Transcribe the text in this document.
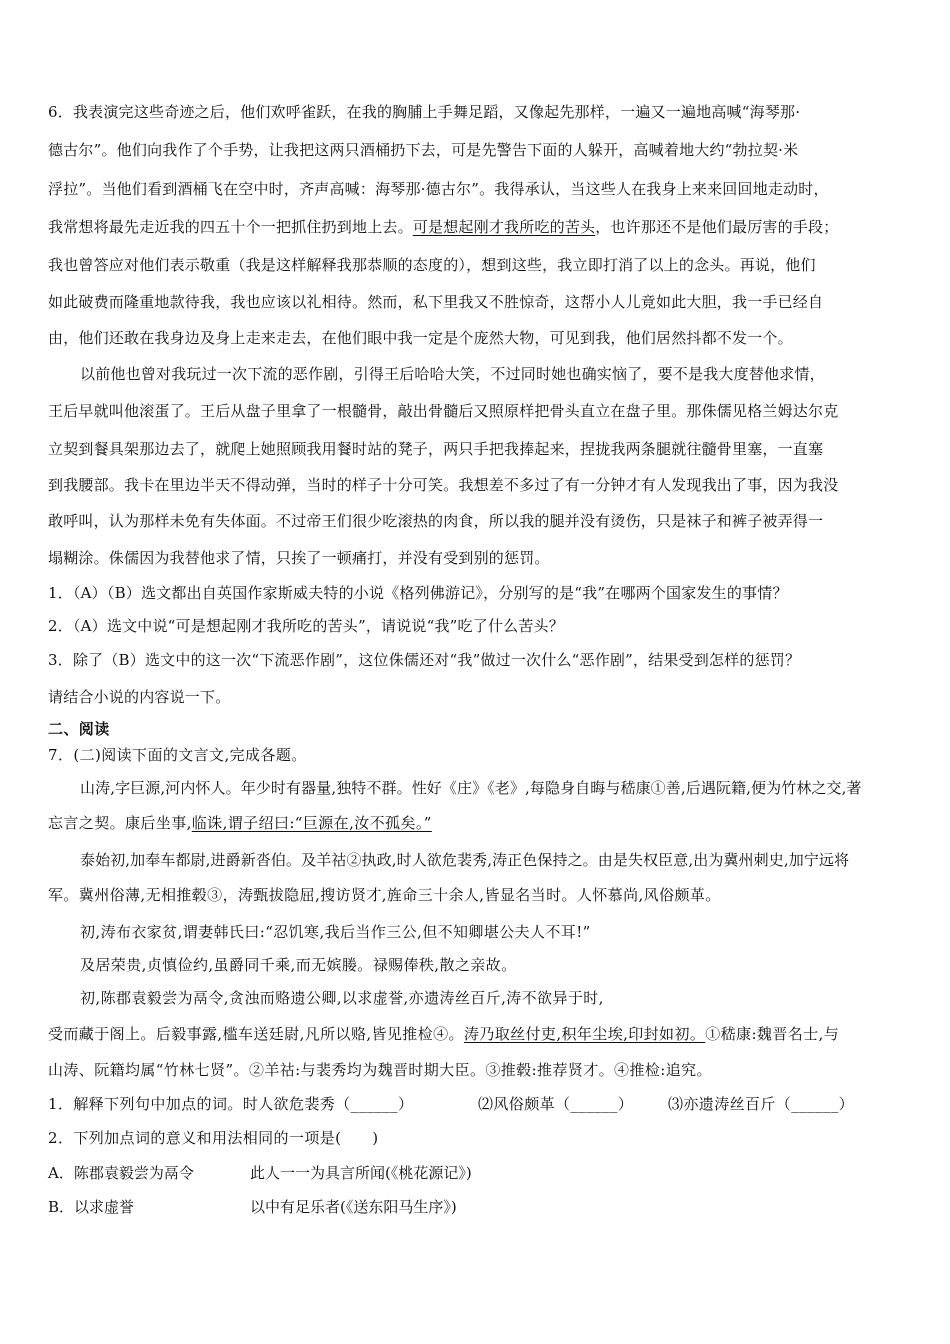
6．我表演完这些奇迹之后，他们欢呼雀跃，在我的胸脯上手舞足蹈，又像起先那样，一遍又一遍地高喊“海琴那·
德古尔”。他们向我作了个手势，让我把这两只酒桶扔下去，可是先警告下面的人躲开，高喊着地大约“勃拉契·米
浮拉”。当他们看到酒桶飞在空中时，齐声高喊：海琴那·德古尔”。我得承认，当这些人在我身上来来回回地走动时，
我常想将最先走近我的四五十个一把抓住扔到地上去。可是想起刚才我所吃的苦头，也许那还不是他们最厉害的手段；
我也曾答应对他们表示敬重（我是这样解释我那恭顺的态度的），想到这些，我立即打消了以上的念头。再说，他们
如此破费而隆重地款待我，我也应该以礼相待。然而，私下里我又不胜惊奇，这帮小人儿竟如此大胆，我一手已经自
由，他们还敢在我身边及身上走来走去，在他们眼中我一定是个庞然大物，可见到我，他们居然抖都不发一个。
以前他也曾对我玩过一次下流的恶作剧，引得王后哈哈大笑，不过同时她也确实恼了，要不是我大度替他求情，
王后早就叫他滚蛋了。王后从盘子里拿了一根髓骨，敲出骨髓后又照原样把骨头直立在盘子里。那侏儒见格兰姆达尔克
立契到餐具架那边去了，就爬上她照顾我用餐时站的凳子，两只手把我捧起来，捏拢我两条腿就往髓骨里塞，一直塞
到我腰部。我卡在里边半天不得动弹，当时的样子十分可笑。我想差不多过了有一分钟才有人发现我出了事，因为我没
敢呼叫，认为那样未免有失体面。不过帝王们很少吃滚热的肉食，所以我的腿并没有烫伤，只是袜子和裤子被弄得一
塌糊涂。侏儒因为我替他求了情，只挨了一顿痛打，并没有受到别的惩罚。
1．（A）（B）选文都出自英国作家斯威夫特的小说《格列佛游记》，分别写的是“我”在哪两个国家发生的事情？
2．（A）选文中说“可是想起刚才我所吃的苦头”，请说说“我”吃了什么苦头？
3．除了（B）选文中的这一次“下流恶作剧”，这位侏儒还对“我”做过一次什么“恶作剧”，结果受到怎样的惩罚？
请结合小说的内容说一下。
二、阅读
7．(二)阅读下面的文言文,完成各题。
山涛,字巨源,河内怀人。年少时有器量,独特不群。性好《庄》《老》,每隐身自晦与嵇康①善,后遇阮籍,便为竹林之交,著
忘言之契。康后坐事,临诛,谓子绍曰:“巨源在,汝不孤矣。”
泰始初,加奉车都尉,进爵新沓伯。及羊祜②执政,时人欲危裴秀,涛正色保持之。由是失权臣意,出为冀州刺史,加宁远将
军。冀州俗薄,无相推毂③，涛甄拔隐屈,搜访贤才,旌命三十余人,皆显名当时。人怀慕尚,风俗颇革。
初,涛布衣家贫,谓妻韩氏曰:“忍饥寒,我后当作三公,但不知卿堪公夫人不耳!”
及居荣贵,贞慎俭约,虽爵同千乘,而无嫔媵。禄赐俸秩,散之亲故。
初,陈郡袁毅尝为鬲令,贪浊而赂遗公卿,以求虚誉,亦遗涛丝百斤,涛不欲异于时,
受而藏于阁上。后毅事露,槛车送廷尉,凡所以赂,皆见推检④。涛乃取丝付吏,积年尘埃,印封如初。①嵇康:魏晋名士,与
山涛、阮籍均属“竹林七贤”。②羊祜:与裴秀均为魏晋时期大臣。③推毂:推荐贤才。④推检:追究。
1．解释下列句中加点的词。时人欲危裴秀（______）	⑵风俗颇革（______） ⑶亦遗涛丝百斤（______）
2．下列加点词的意义和用法相同的一项是(　　)
A．陈郡袁毅尝为鬲令	此人一一为具言所闻(《桃花源记》)
B．以求虚誉	以中有足乐者(《送东阳马生序》)
